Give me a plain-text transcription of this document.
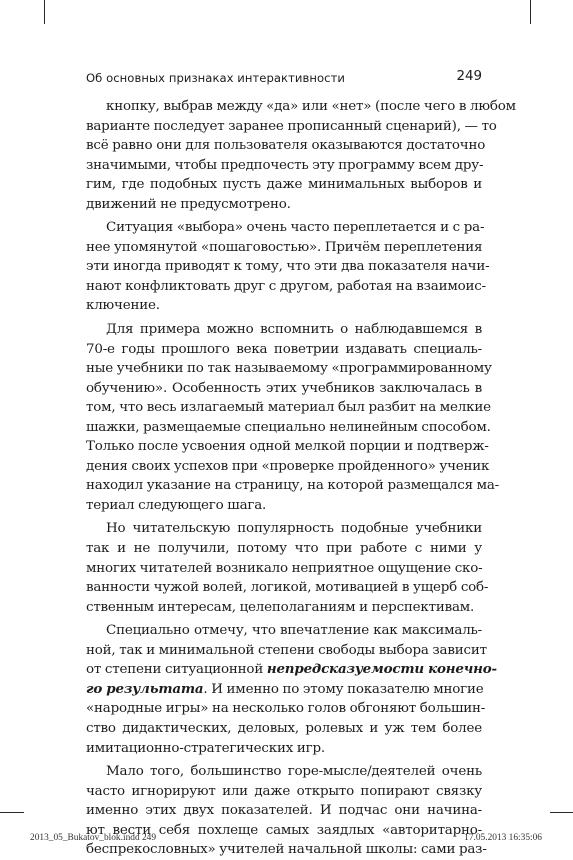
Об основных признаках интерактивности	249

кнопку, выбрав между «да» или «нет» (после чего в любом
варианте последует заранее прописанный сценарий), — то
всё равно они для пользователя оказываются достаточно
значимыми, чтобы предпочесть эту программу всем дру-
гим, где подобных пусть даже минимальных выборов и
движений не предусмотрено.

Ситуация «выбора» очень часто переплетается и с ра-
нее упомянутой «пошаговостью». Причём переплетения
эти иногда приводят к тому, что эти два показателя начи-
нают конфликтовать друг с другом, работая на взаимоис-
ключение.

Для примера можно вспомнить о наблюдавшемся в
70-е годы прошлого века поветрии издавать специаль-
ные учебники по так называемому «программированному
обучению». Особенность этих учебников заключалась в
том, что весь излагаемый материал был разбит на мелкие
шажки, размещаемые специально нелинейным способом.
Только после усвоения одной мелкой порции и подтверж-
дения своих успехов при «проверке пройденного» ученик
находил указание на страницу, на которой размещался ма-
териал следующего шага.

Но читательскую популярность подобные учебники
так и не получили, потому что при работе с ними у
многих читателей возникало неприятное ощущение ско-
ванности чужой волей, логикой, мотивацией в ущерб соб-
ственным интересам, целеполаганиям и перспективам.

Специально отмечу, что впечатление как максималь-
ной, так и минимальной степени свободы выбора зависит
от степени ситуационной непредсказуемости конечно-
го результата. И именно по этому показателю многие
«народные игры» на несколько голов обгоняют большин-
ство дидактических, деловых, ролевых и уж тем более
имитационно-стратегических игр.

Мало того, большинство горе-мысле/деятелей очень
часто игнорируют или даже открыто попирают связку
именно этих двух показателей. И подчас они начина-
ют вести себя похлеще самых заядлых «авторитарно-
беспрекословных» учителей начальной школы: сами раз-

2013_05_Bukatov_blok.indd 249	17.05.2013 16:35:06
